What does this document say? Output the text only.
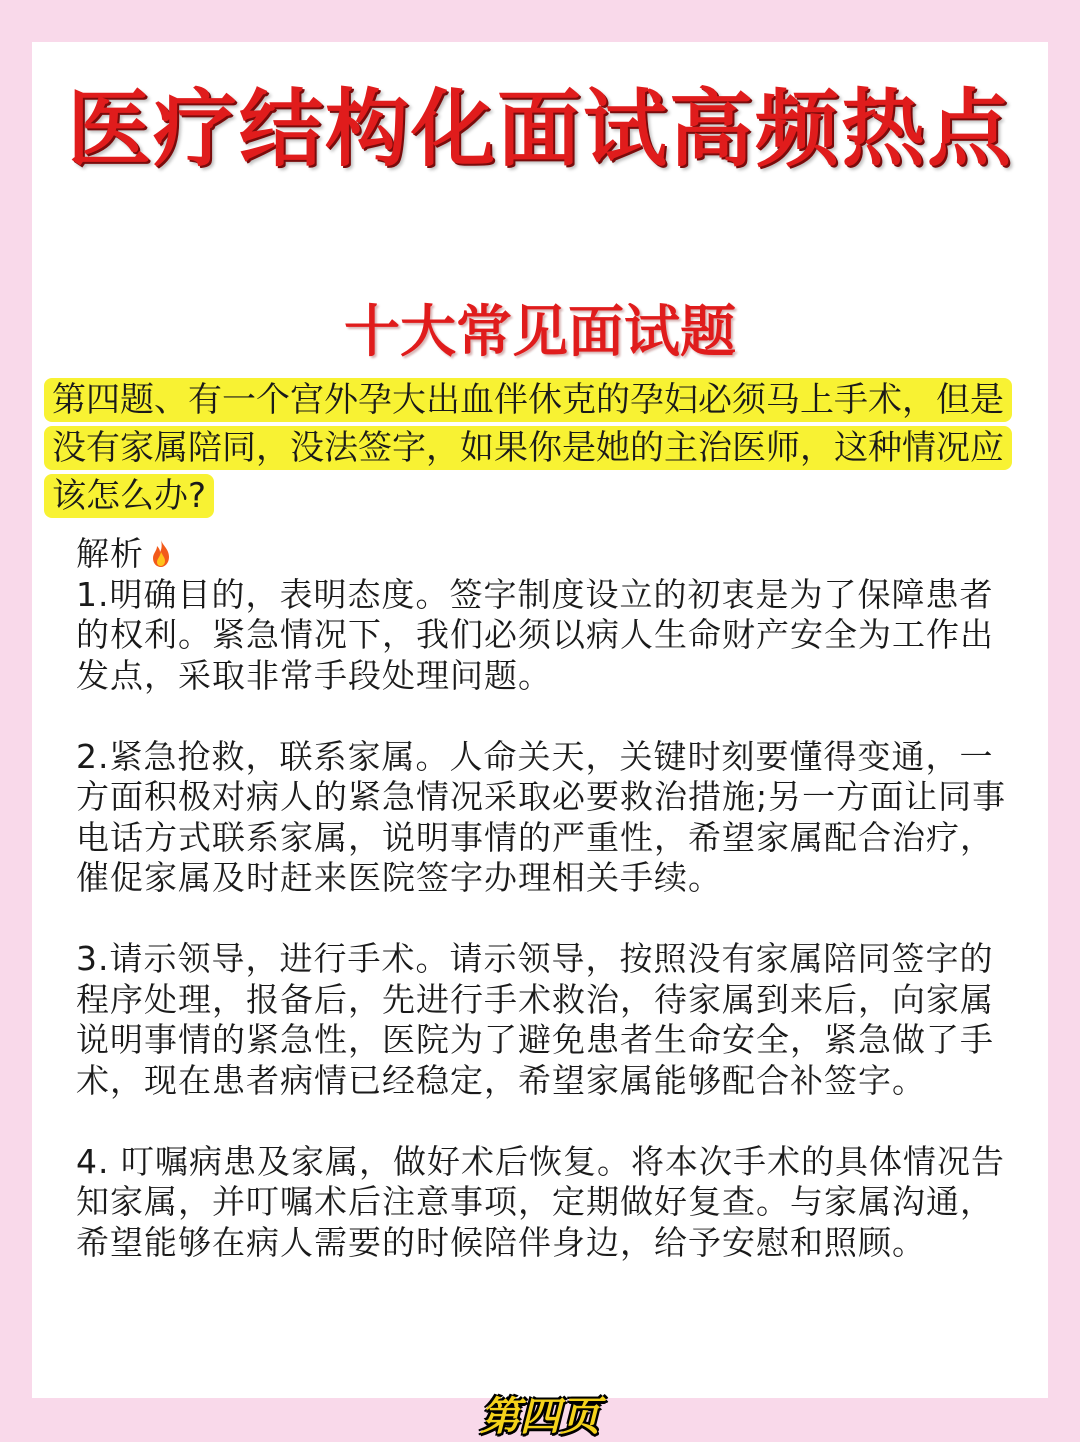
医疗结构化面试高频热点
十大常见面试题
第四题、有一个宫外孕大出血伴休克的孕妇必须马上手术，但是没有家属陪同，没法签字，如果你是她的主治医师，这种情况应该怎么办?
解析

1.明确目的，表明态度。签字制度设立的初衷是为了保障患者的权利。紧急情况下，我们必须以病人生命财产安全为工作出发点，采取非常手段处理问题。

2.紧急抢救，联系家属。人命关天，关键时刻要懂得变通，一方面积极对病人的紧急情况采取必要救治措施;另一方面让同事电话方式联系家属，说明事情的严重性，希望家属配合治疗，催促家属及时赶来医院签字办理相关手续。

3.请示领导，进行手术。请示领导，按照没有家属陪同签字的程序处理，报备后，先进行手术救治，待家属到来后，向家属说明事情的紧急性，医院为了避免患者生命安全，紧急做了手术，现在患者病情已经稳定，希望家属能够配合补签字。

4. 叮嘱病患及家属，做好术后恢复。将本次手术的具体情况告知家属，并叮嘱术后注意事项，定期做好复查。与家属沟通，希望能够在病人需要的时候陪伴身边，给予安慰和照顾。

第四页
